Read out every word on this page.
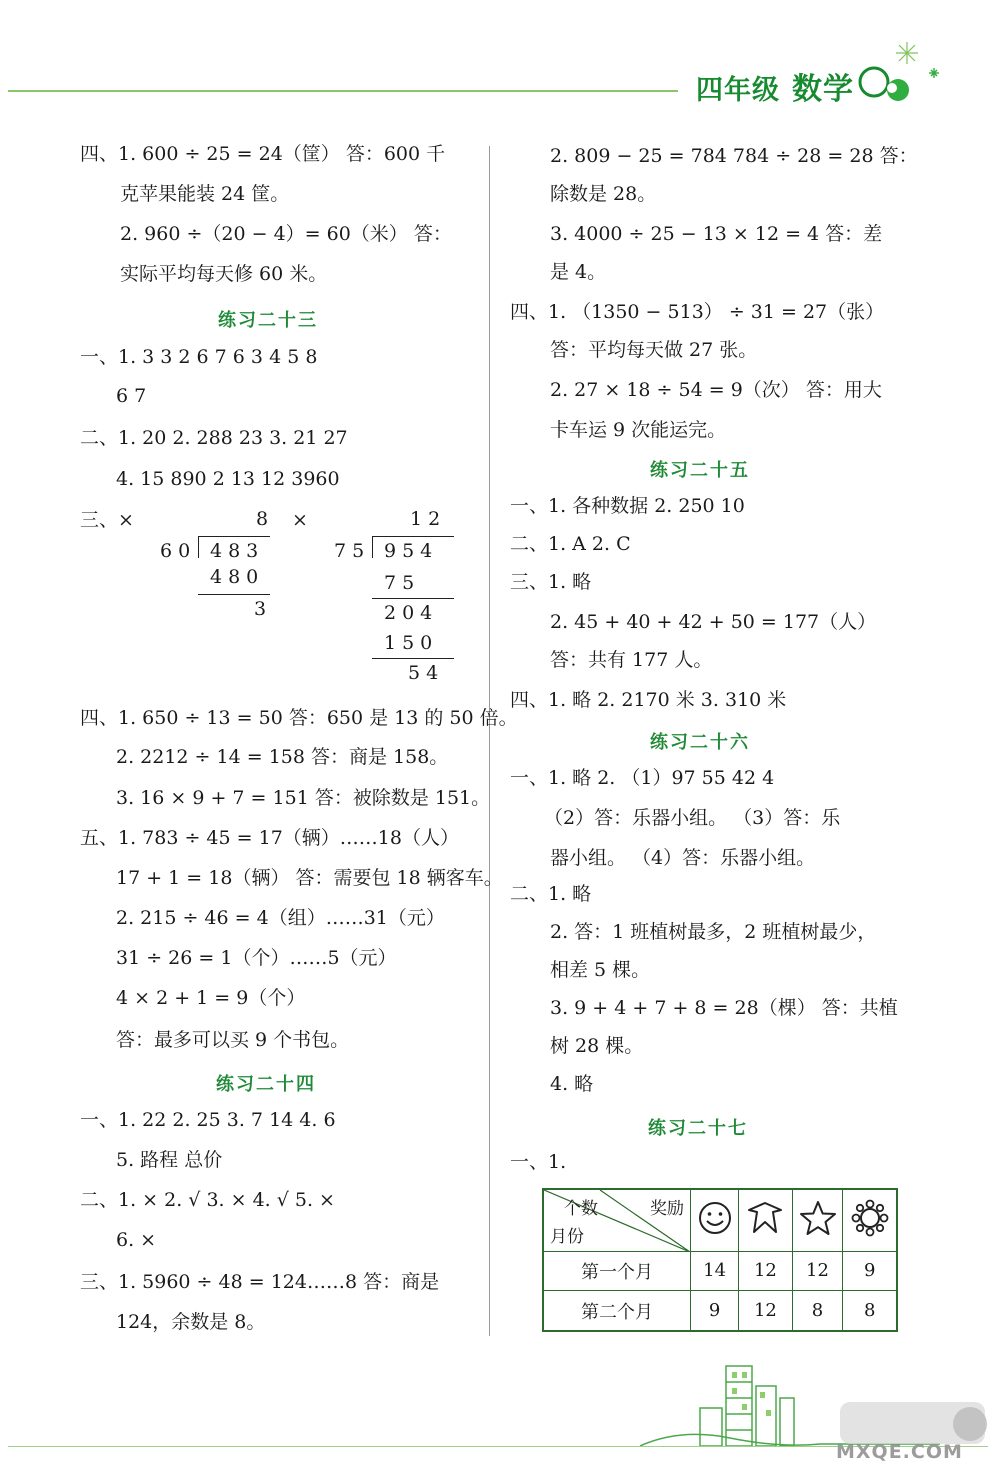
四年级 数学
四、1. 600 ÷ 25 = 24（筐） 答：600 千
克苹果能装 24 筐。
2. 960 ÷（20 − 4）= 60（米） 答：
实际平均每天修 60 米。
练习二十三
一、1. 3 3 2 6 7 6 3 4 5 8
6 7
二、1. 20 2. 288 23 3. 21 27
4. 15 890 2 13 12 3960
三、×	8
60 483
480
3
×	12
75 954
75
204
150
54
四、1. 650 ÷ 13 = 50 答：650 是 13 的 50 倍。
2. 2212 ÷ 14 = 158 答：商是 158。
3. 16 × 9 + 7 = 151 答：被除数是 151。
五、1. 783 ÷ 45 = 17（辆）……18（人）
17 + 1 = 18（辆） 答：需要包 18 辆客车。
2. 215 ÷ 46 = 4（组）……31（元）
31 ÷ 26 = 1（个）……5（元）
4 × 2 + 1 = 9（个）
答：最多可以买 9 个书包。
练习二十四
一、1. 22 2. 25 3. 7 14 4. 6
5. 路程 总价
二、1. × 2. √ 3. × 4. √ 5. ×
6. ×
三、1. 5960 ÷ 48 = 124……8 答：商是
124，余数是 8。
2. 809 − 25 = 784 784 ÷ 28 = 28 答：
除数是 28。
3. 4000 ÷ 25 − 13 × 12 = 4 答：差
是 4。
四、1. （1350 − 513） ÷ 31 = 27（张）
答：平均每天做 27 张。
2. 27 × 18 ÷ 54 = 9（次） 答：用大
卡车运 9 次能运完。
练习二十五
一、1. 各种数据 2. 250 10
二、1. A 2. C
三、1. 略
2. 45 + 40 + 42 + 50 = 177（人）
答：共有 177 人。
四、1. 略 2. 2170 米 3. 310 米
练习二十六
一、1. 略 2. （1）97 55 42 4
（2）答：乐器小组。 （3）答：乐
器小组。 （4）答：乐器小组。
二、1. 略
2. 答：1 班植树最多，2 班植树最少，
相差 5 棵。
3. 9 + 4 + 7 + 8 = 28（棵） 答：共植
树 28 棵。
4. 略
练习二十七
一、1.
个数 奖励
月份

第一个月	14	12	12	9
第二个月	9	12	8	8
MXQE.COM
